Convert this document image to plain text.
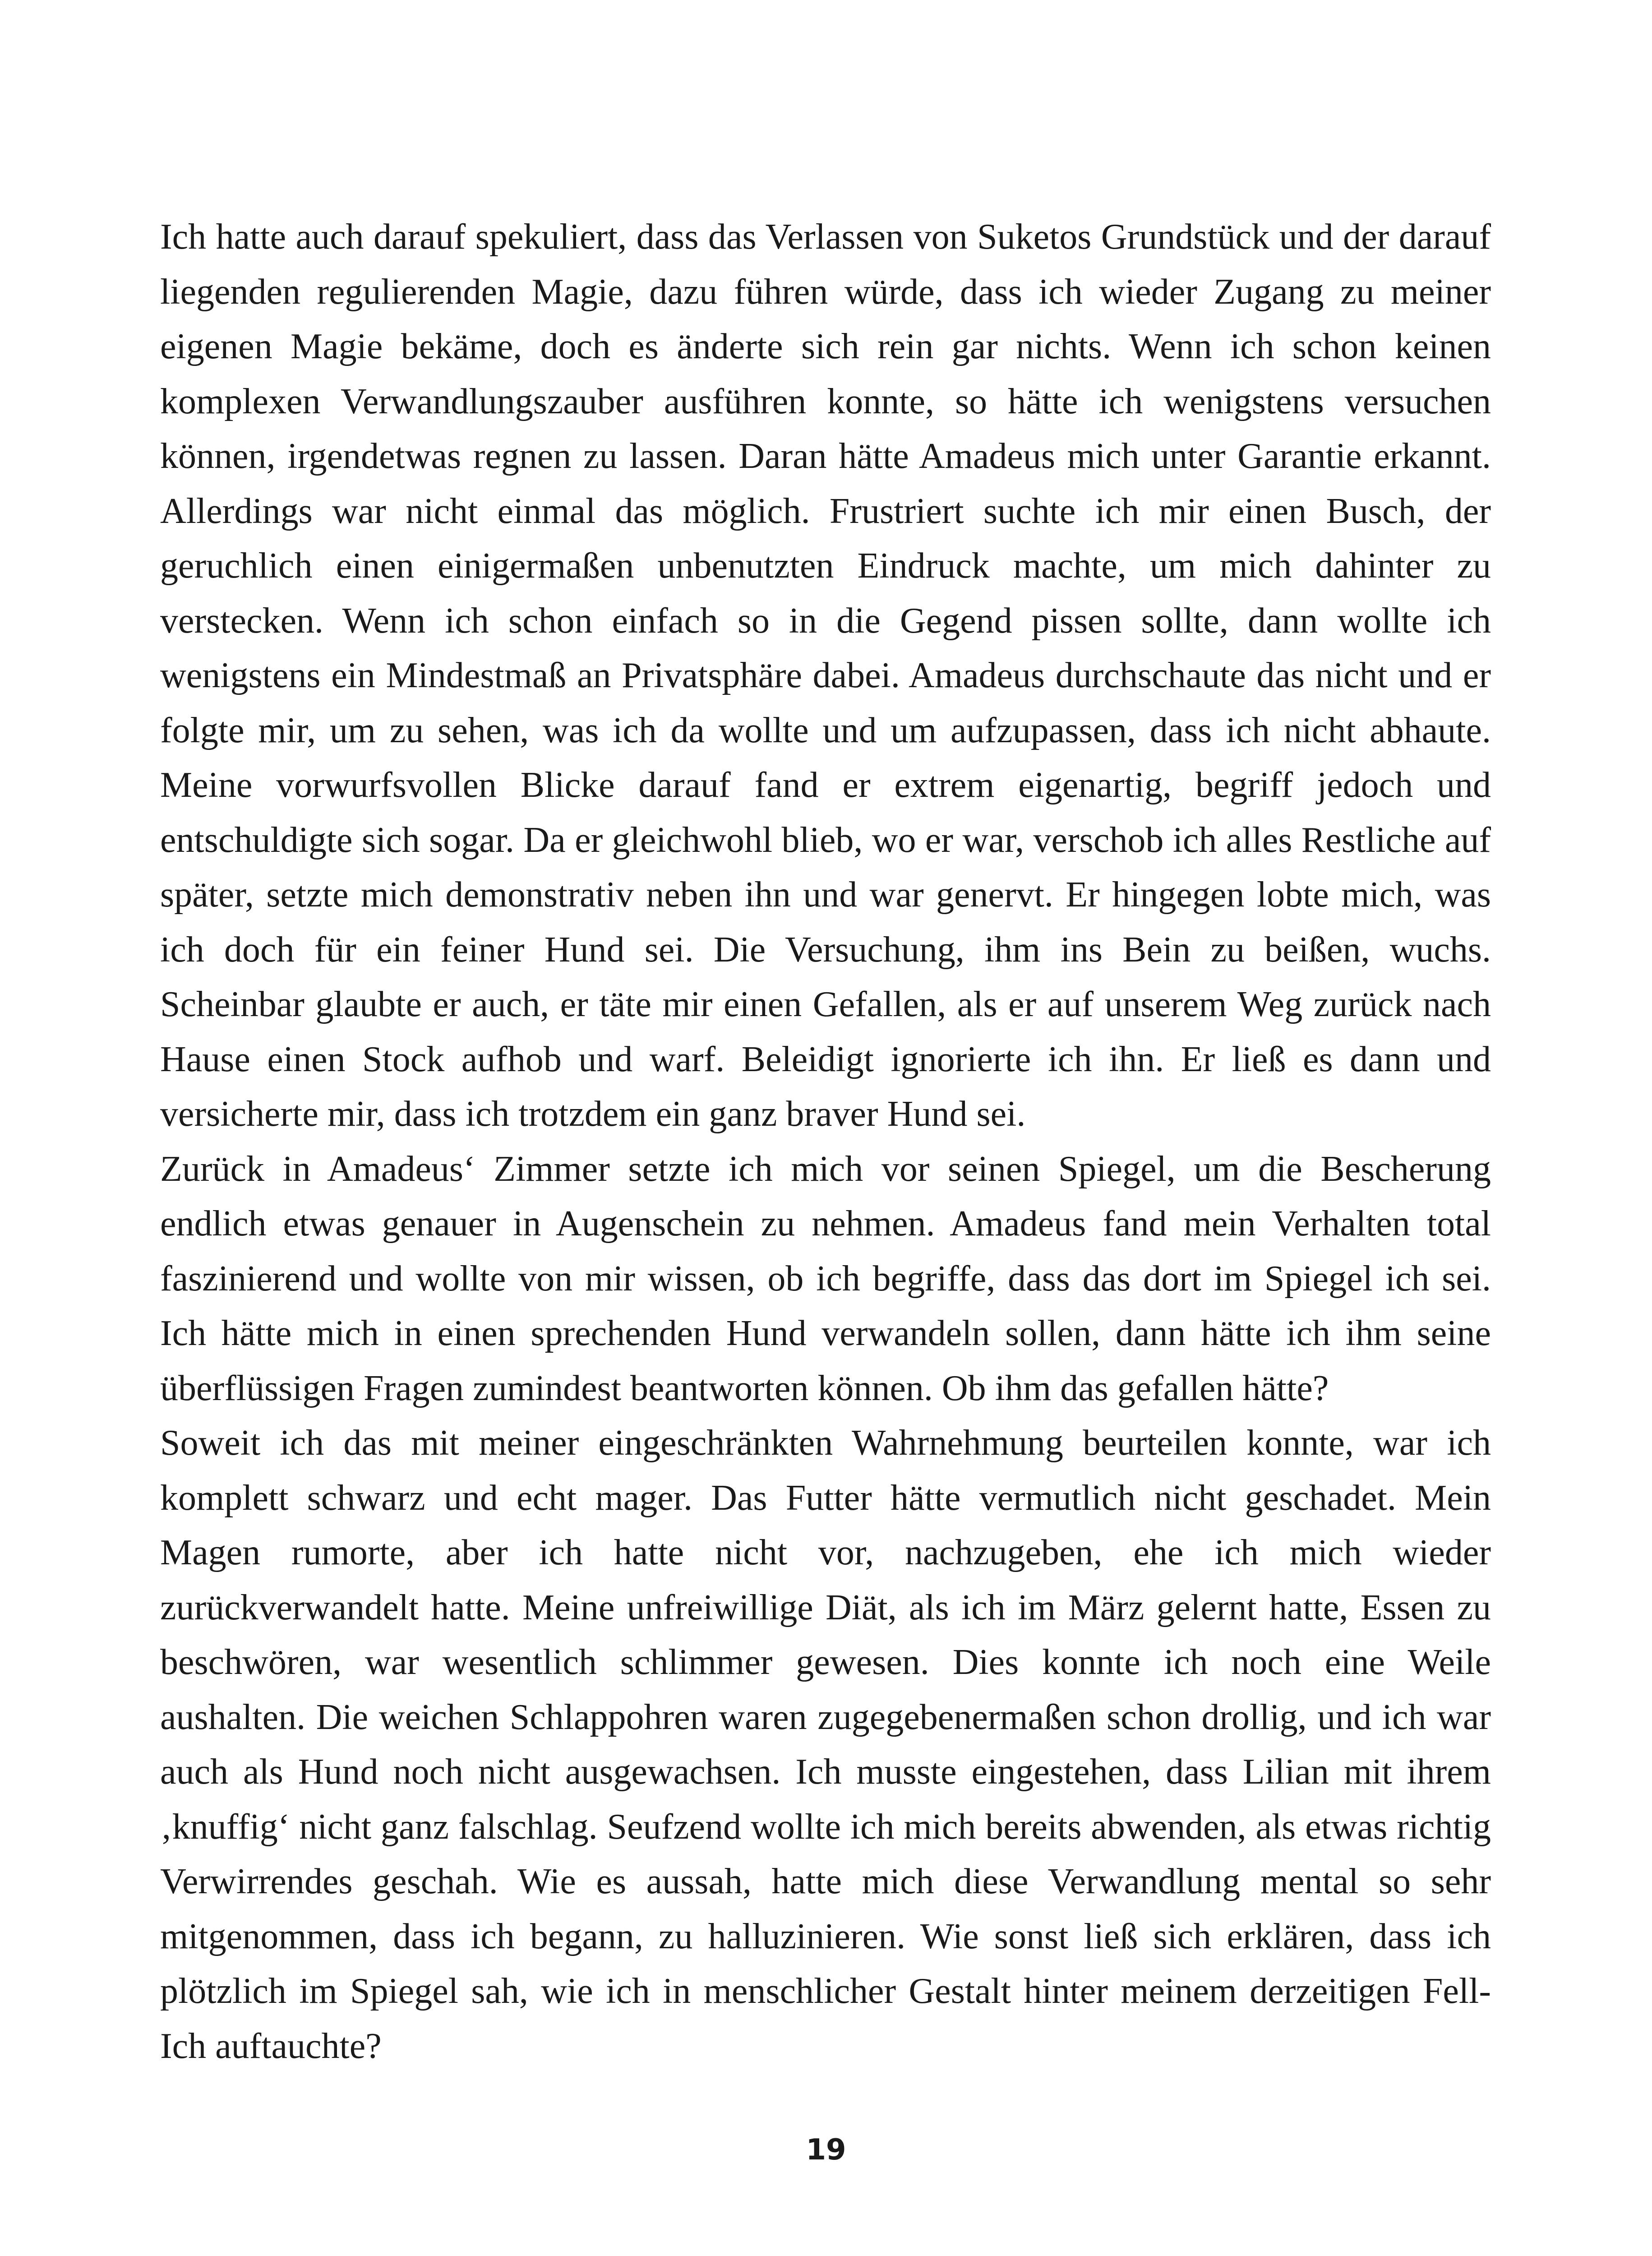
Ich hatte auch darauf spekuliert, dass das Verlassen von Suketos Grundstück und der darauf liegenden regulierenden Magie, dazu führen würde, dass ich wieder Zugang zu meiner eigenen Magie bekäme, doch es änderte sich rein gar nichts. Wenn ich schon keinen komplexen Verwandlungszauber ausführen konnte, so hätte ich wenigstens versuchen können, irgendetwas regnen zu lassen. Daran hätte Amadeus mich unter Garantie erkannt. Allerdings war nicht einmal das möglich. Frustriert suchte ich mir einen Busch, der geruchlich einen einigermaßen unbenutzten Eindruck machte, um mich dahinter zu verstecken. Wenn ich schon einfach so in die Gegend pissen sollte, dann wollte ich wenigstens ein Mindestmaß an Privatsphäre dabei. Amadeus durchschaute das nicht und er folgte mir, um zu sehen, was ich da wollte und um aufzupassen, dass ich nicht abhaute. Meine vorwurfsvollen Blicke darauf fand er extrem eigenartig, begriff jedoch und entschuldigte sich sogar. Da er gleichwohl blieb, wo er war, verschob ich alles Restliche auf später, setzte mich demonstrativ neben ihn und war genervt. Er hingegen lobte mich, was ich doch für ein feiner Hund sei. Die Versuchung, ihm ins Bein zu beißen, wuchs. Scheinbar glaubte er auch, er täte mir einen Gefallen, als er auf unserem Weg zurück nach Hause einen Stock aufhob und warf. Beleidigt ignorierte ich ihn. Er ließ es dann und versicherte mir, dass ich trotzdem ein ganz braver Hund sei.

Zurück in Amadeus‘ Zimmer setzte ich mich vor seinen Spiegel, um die Bescherung endlich etwas genauer in Augenschein zu nehmen. Amadeus fand mein Verhalten total faszinierend und wollte von mir wissen, ob ich begriffe, dass das dort im Spiegel ich sei. Ich hätte mich in einen sprechenden Hund verwandeln sollen, dann hätte ich ihm seine überflüssigen Fragen zumindest beantworten können. Ob ihm das gefallen hätte?

Soweit ich das mit meiner eingeschränkten Wahrnehmung beurteilen konnte, war ich komplett schwarz und echt mager. Das Futter hätte vermutlich nicht geschadet. Mein Magen rumorte, aber ich hatte nicht vor, nachzugeben, ehe ich mich wieder zurückverwandelt hatte. Meine unfreiwillige Diät, als ich im März gelernt hatte, Essen zu beschwören, war wesentlich schlimmer gewesen. Dies konnte ich noch eine Weile aushalten. Die weichen Schlappohren waren zugegebenermaßen schon drollig, und ich war auch als Hund noch nicht ausgewachsen. Ich musste eingestehen, dass Lilian mit ihrem ‚knuffig‘ nicht ganz falschlag. Seufzend wollte ich mich bereits abwenden, als etwas richtig Verwirrendes geschah. Wie es aussah, hatte mich diese Verwandlung mental so sehr mitgenommen, dass ich begann, zu halluzinieren. Wie sonst ließ sich erklären, dass ich plötzlich im Spiegel sah, wie ich in menschlicher Gestalt hinter meinem derzeitigen Fell-Ich auftauchte?

19
